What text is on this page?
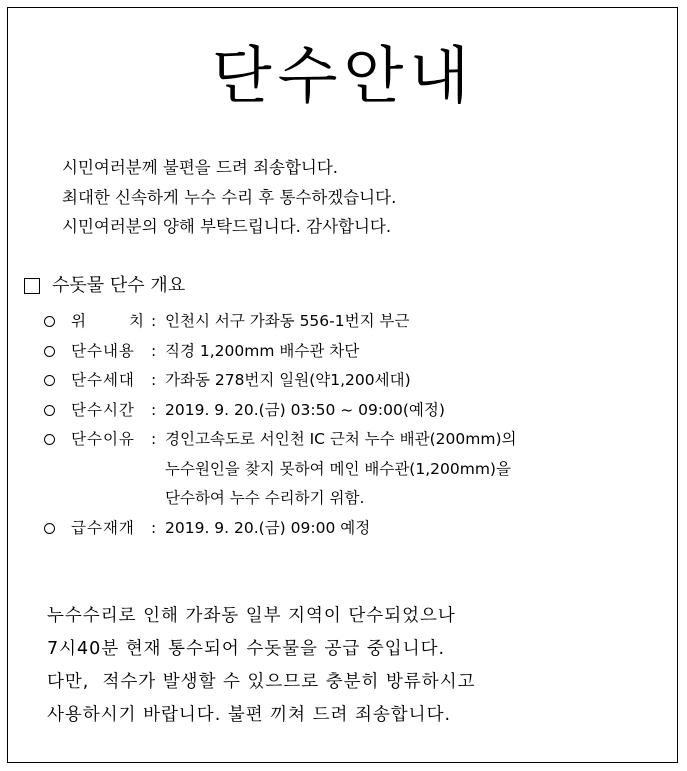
단수안내
시민여러분께 불편을 드려 죄송합니다.
최대한 신속하게 누수 수리 후 통수하겠습니다.
시민여러분의 양해 부탁드립니다. 감사합니다.
수돗물 단수 개요
위	치 : 인천시 서구 가좌동 556-1번지 부근
단수내용	: 직경 1,200mm 배수관 차단
단수세대	: 가좌동 278번지 일원(약1,200세대)
단수시간	: 2019. 9. 20.(금) 03:50 ~ 09:00(예정)
단수이유	: 경인고속도로 서인천 IC 근처 누수 배관(200mm)의
누수원인을 찾지 못하여 메인 배수관(1,200mm)을
단수하여 누수 수리하기 위함.
급수재개	: 2019. 9. 20.(금) 09:00 예정
누수수리로 인해 가좌동 일부 지역이 단수되었으나
7시40분 현재 통수되어 수돗물을 공급 중입니다.
다만,  적수가 발생할 수 있으므로 충분히 방류하시고
사용하시기 바랍니다. 불편 끼쳐 드려 죄송합니다.
